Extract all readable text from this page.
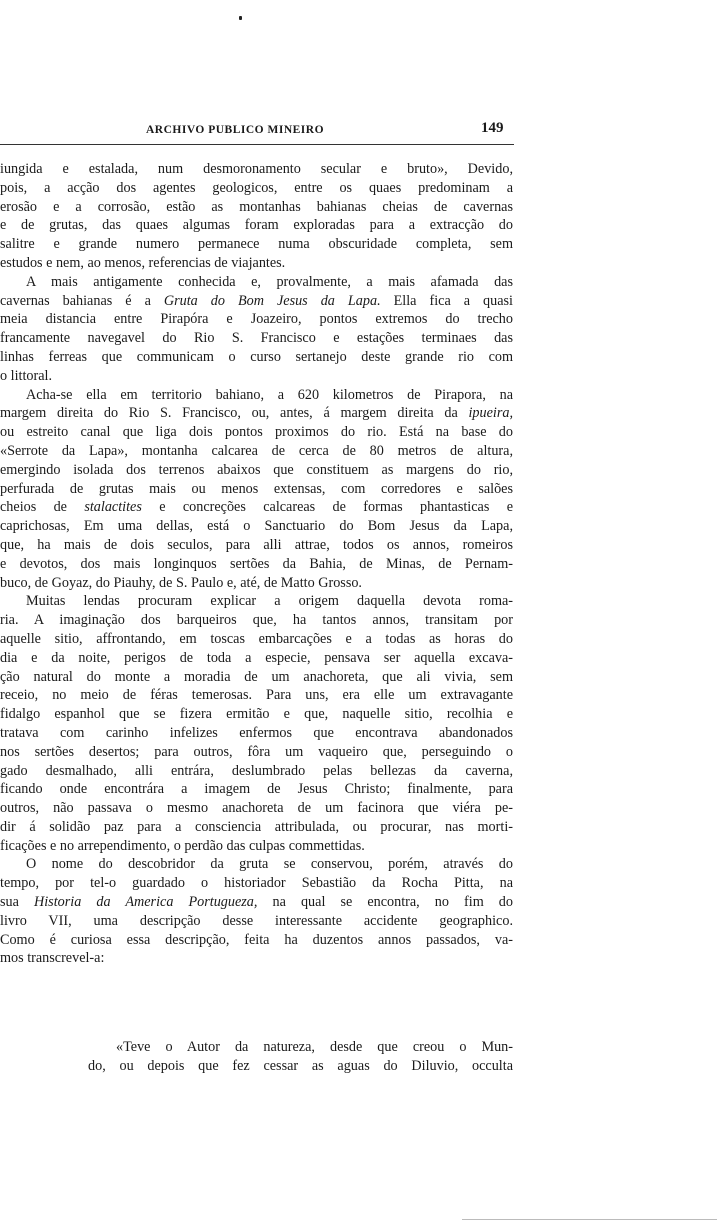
ARCHIVO PUBLICO MINEIRO	149
iungida e estalada, num desmoronamento secular e bruto», Devido,
pois, a acção dos agentes geologicos, entre os quaes predominam a
erosão e a corrosão, estão as montanhas bahianas cheias de cavernas
e de grutas, das quaes algumas foram exploradas para a extracção do
salitre e grande numero permanece numa obscuridade completa, sem
estudos e nem, ao menos, referencias de viajantes.
A mais antigamente conhecida e, provalmente, a mais afamada das
cavernas bahianas é a Gruta do Bom Jesus da Lapa. Ella fica a quasi
meia distancia entre Pirapóra e Joazeiro, pontos extremos do trecho
francamente navegavel do Rio S. Francisco e estações terminaes das
linhas ferreas que communicam o curso sertanejo deste grande rio com
o littoral.
Acha-se ella em territorio bahiano, a 620 kilometros de Pirapora, na
margem direita do Rio S. Francisco, ou, antes, á margem direita da ipueira,
ou estreito canal que liga dois pontos proximos do rio. Está na base do
«Serrote da Lapa», montanha calcarea de cerca de 80 metros de altura,
emergindo isolada dos terrenos abaixos que constituem as margens do rio,
perfurada de grutas mais ou menos extensas, com corredores e salões
cheios de stalactites e concreções calcareas de formas phantasticas e
caprichosas, Em uma dellas, está o Sanctuario do Bom Jesus da Lapa,
que, ha mais de dois seculos, para alli attrae, todos os annos, romeiros
e devotos, dos mais longinquos sertões da Bahia, de Minas, de Pernam-
buco, de Goyaz, do Piauhy, de S. Paulo e, até, de Matto Grosso.
Muitas lendas procuram explicar a origem daquella devota roma-
ria. A imaginação dos barqueiros que, ha tantos annos, transitam por
aquelle sitio, affrontando, em toscas embarcações e a todas as horas do
dia e da noite, perigos de toda a especie, pensava ser aquella excava-
ção natural do monte a moradia de um anachoreta, que ali vivia, sem
receio, no meio de féras temerosas. Para uns, era elle um extravagante
fidalgo espanhol que se fizera ermitão e que, naquelle sitio, recolhia e
tratava com carinho infelizes enfermos que encontrava abandonados
nos sertões desertos; para outros, fôra um vaqueiro que, perseguindo o
gado desmalhado, alli entrára, deslumbrado pelas bellezas da caverna,
ficando onde encontrára a imagem de Jesus Christo; finalmente, para
outros, não passava o mesmo anachoreta de um facinora que viéra pe-
dir á solidão paz para a consciencia attribulada, ou procurar, nas morti-
ficações e no arrependimento, o perdão das culpas commettidas.
O nome do descobridor da gruta se conservou, porém, através do
tempo, por tel-o guardado o historiador Sebastião da Rocha Pitta, na
sua Historia da America Portugueza, na qual se encontra, no fim do
livro VII, uma descripção desse interessante accidente geographico.
Como é curiosa essa descripção, feita ha duzentos annos passados, va-
mos transcrevel-a:
«Teve o Autor da natureza, desde que creou o Mun-
do, ou depois que fez cessar as aguas do Diluvio, occulta
